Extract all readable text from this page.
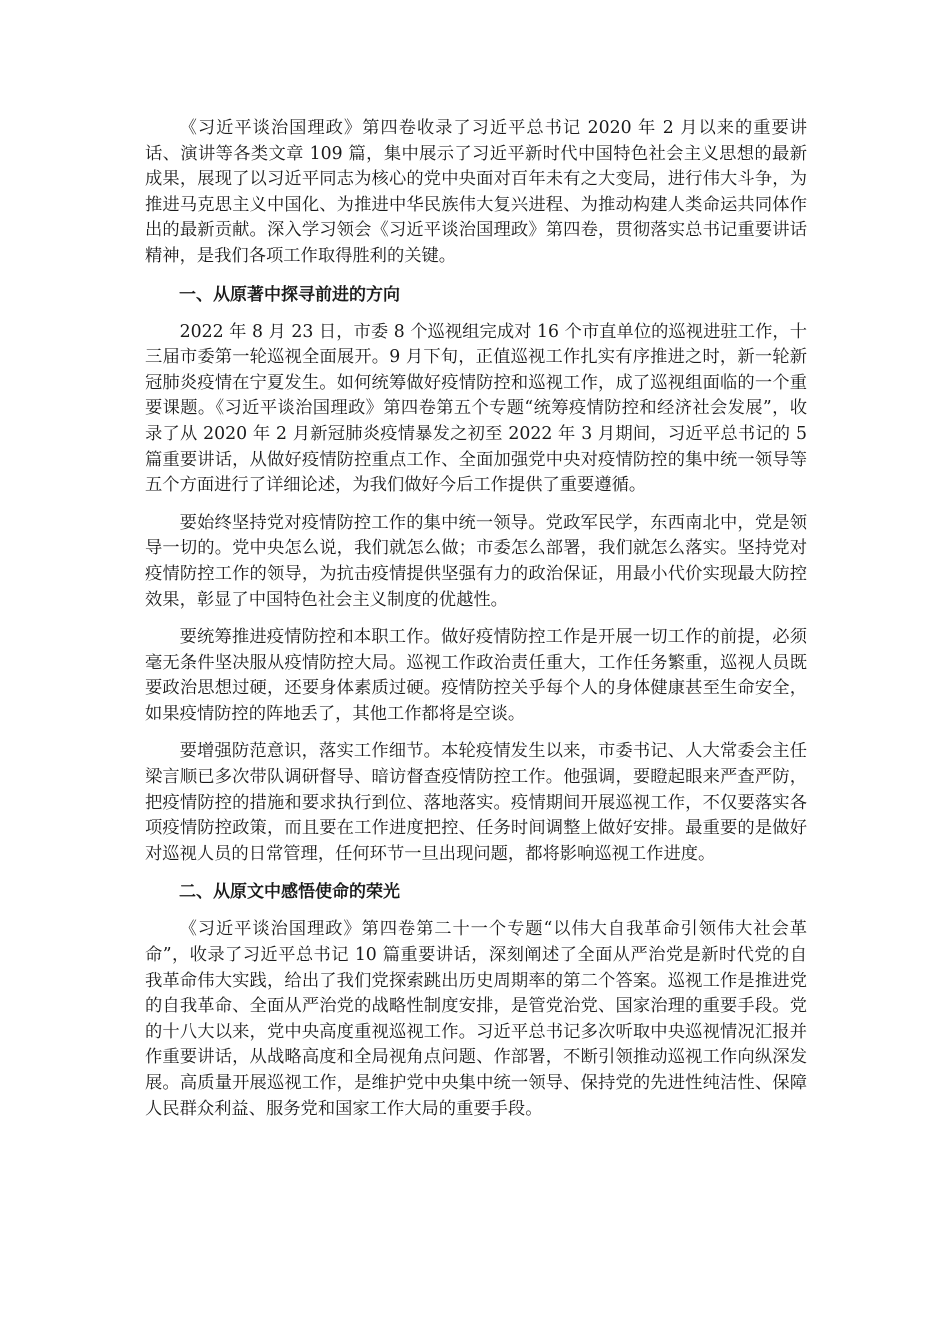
《习近平谈治国理政》第四卷收录了习近平总书记 2020 年 2 月以来的重要讲话、演讲等各类文章 109 篇，集中展示了习近平新时代中国特色社会主义思想的最新成果，展现了以习近平同志为核心的党中央面对百年未有之大变局，进行伟大斗争，为推进马克思主义中国化、为推进中华民族伟大复兴进程、为推动构建人类命运共同体作出的最新贡献。深入学习领会《习近平谈治国理政》第四卷，贯彻落实总书记重要讲话精神，是我们各项工作取得胜利的关键。

一、从原著中探寻前进的方向

2022 年 8 月 23 日，市委 8 个巡视组完成对 16 个市直单位的巡视进驻工作，十三届市委第一轮巡视全面展开。9 月下旬，正值巡视工作扎实有序推进之时，新一轮新冠肺炎疫情在宁夏发生。如何统筹做好疫情防控和巡视工作，成了巡视组面临的一个重要课题。《习近平谈治国理政》第四卷第五个专题“统筹疫情防控和经济社会发展”，收录了从 2020 年 2 月新冠肺炎疫情暴发之初至 2022 年 3 月期间，习近平总书记的 5 篇重要讲话，从做好疫情防控重点工作、全面加强党中央对疫情防控的集中统一领导等五个方面进行了详细论述，为我们做好今后工作提供了重要遵循。

要始终坚持党对疫情防控工作的集中统一领导。党政军民学，东西南北中，党是领导一切的。党中央怎么说，我们就怎么做；市委怎么部署，我们就怎么落实。坚持党对疫情防控工作的领导，为抗击疫情提供坚强有力的政治保证，用最小代价实现最大防控效果，彰显了中国特色社会主义制度的优越性。

要统筹推进疫情防控和本职工作。做好疫情防控工作是开展一切工作的前提，必须毫无条件坚决服从疫情防控大局。巡视工作政治责任重大，工作任务繁重，巡视人员既要政治思想过硬，还要身体素质过硬。疫情防控关乎每个人的身体健康甚至生命安全，如果疫情防控的阵地丢了，其他工作都将是空谈。

要增强防范意识，落实工作细节。本轮疫情发生以来，市委书记、人大常委会主任梁言顺已多次带队调研督导、暗访督查疫情防控工作。他强调，要瞪起眼来严查严防，把疫情防控的措施和要求执行到位、落地落实。疫情期间开展巡视工作，不仅要落实各项疫情防控政策，而且要在工作进度把控、任务时间调整上做好安排。最重要的是做好对巡视人员的日常管理，任何环节一旦出现问题，都将影响巡视工作进度。

二、从原文中感悟使命的荣光

《习近平谈治国理政》第四卷第二十一个专题“以伟大自我革命引领伟大社会革命”，收录了习近平总书记 10 篇重要讲话，深刻阐述了全面从严治党是新时代党的自我革命伟大实践，给出了我们党探索跳出历史周期率的第二个答案。巡视工作是推进党的自我革命、全面从严治党的战略性制度安排，是管党治党、国家治理的重要手段。党的十八大以来，党中央高度重视巡视工作。习近平总书记多次听取中央巡视情况汇报并作重要讲话，从战略高度和全局视角点问题、作部署，不断引领推动巡视工作向纵深发展。高质量开展巡视工作，是维护党中央集中统一领导、保持党的先进性纯洁性、保障人民群众利益、服务党和国家工作大局的重要手段。
